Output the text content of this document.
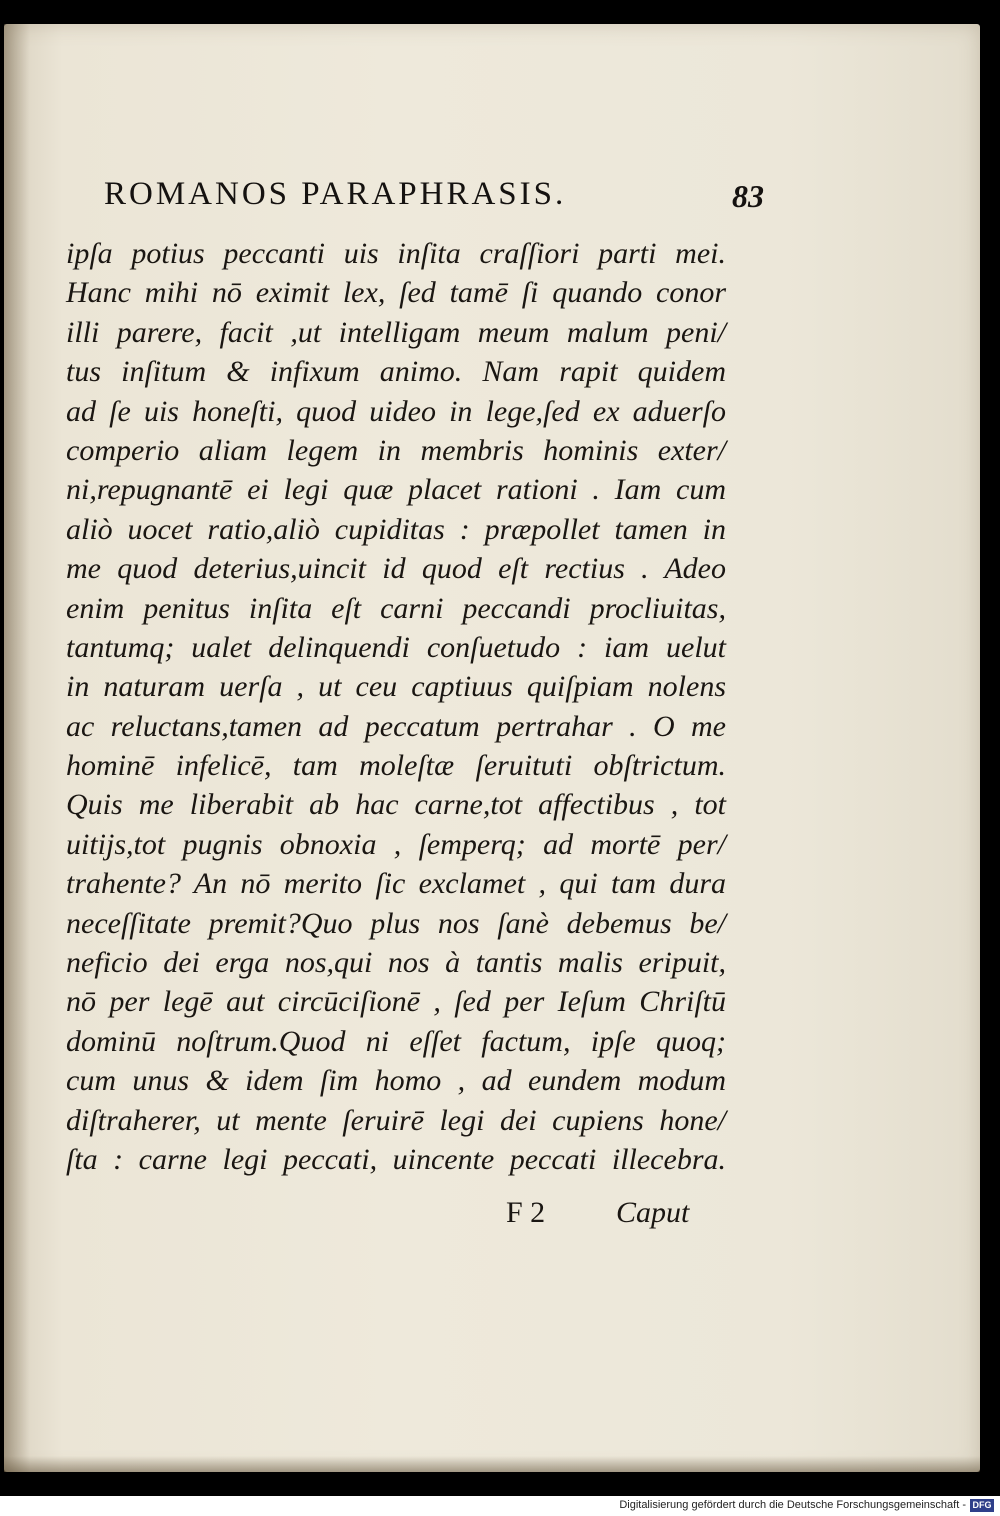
ROMANOS PARAPHRASIS.	83
ipſa potius peccanti uis inſita craſſiori parti mei.
Hanc mihi nō eximit lex, ſed tamē ſi quando conor
illi parere, facit ,ut intelligam meum malum peni/
tus inſitum & infixum animo. Nam rapit quidem
ad ſe uis honeſti, quod uideo in lege,ſed ex aduerſo
comperio aliam legem in membris hominis exter/
ni,repugnantē ei legi quæ placet rationi . Iam cum
aliò uocet ratio,aliò cupiditas : præpollet tamen in
me quod deterius,uincit id quod eſt rectius . Adeo
enim penitus inſita eſt carni peccandi procliuitas,
tantumq; ualet delinquendi conſuetudo : iam uelut
in naturam uerſa , ut ceu captiuus quiſpiam nolens
ac reluctans,tamen ad peccatum pertrahar . O me
hominē infelicē, tam moleſtæ ſeruituti obſtrictum.
Quis me liberabit ab hac carne,tot affectibus , tot
uitijs,tot pugnis obnoxia , ſemperq; ad mortē per/
trahente? An nō merito ſic exclamet , qui tam dura
neceſſitate premit?Quo plus nos ſanè debemus be/
neficio dei erga nos,qui nos à tantis malis eripuit,
nō per legē aut circūciſionē , ſed per Ieſum Chriſtū
dominū noſtrum.Quod ni eſſet factum, ipſe quoq;
cum unus & idem ſim homo , ad eundem modum
diſtraherer, ut mente ſeruirē legi dei cupiens hone/
ſta : carne legi peccati, uincente peccati illecebra.
F 2 Caput
Digitalisierung gefördert durch die Deutsche Forschungsgemeinschaft - DFG
